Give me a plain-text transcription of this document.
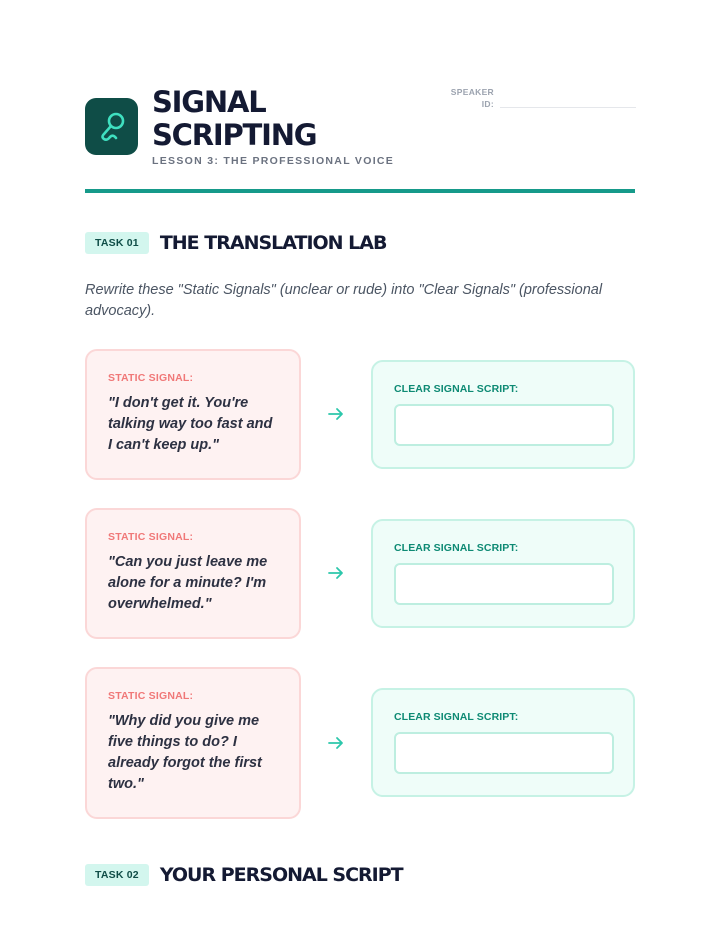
SIGNAL SCRIPTING
LESSON 3: THE PROFESSIONAL VOICE
SPEAKER ID:
TASK 01	THE TRANSLATION LAB

Rewrite these "Static Signals" (unclear or rude) into "Clear Signals" (professional advocacy).

STATIC SIGNAL:
"I don't get it. You're talking way too fast and I can't keep up."
CLEAR SIGNAL SCRIPT:
STATIC SIGNAL:
"Can you just leave me alone for a minute? I'm overwhelmed."
CLEAR SIGNAL SCRIPT:
STATIC SIGNAL:
"Why did you give me five things to do? I already forgot the first two."
CLEAR SIGNAL SCRIPT:
TASK 02	YOUR PERSONAL SCRIPT
